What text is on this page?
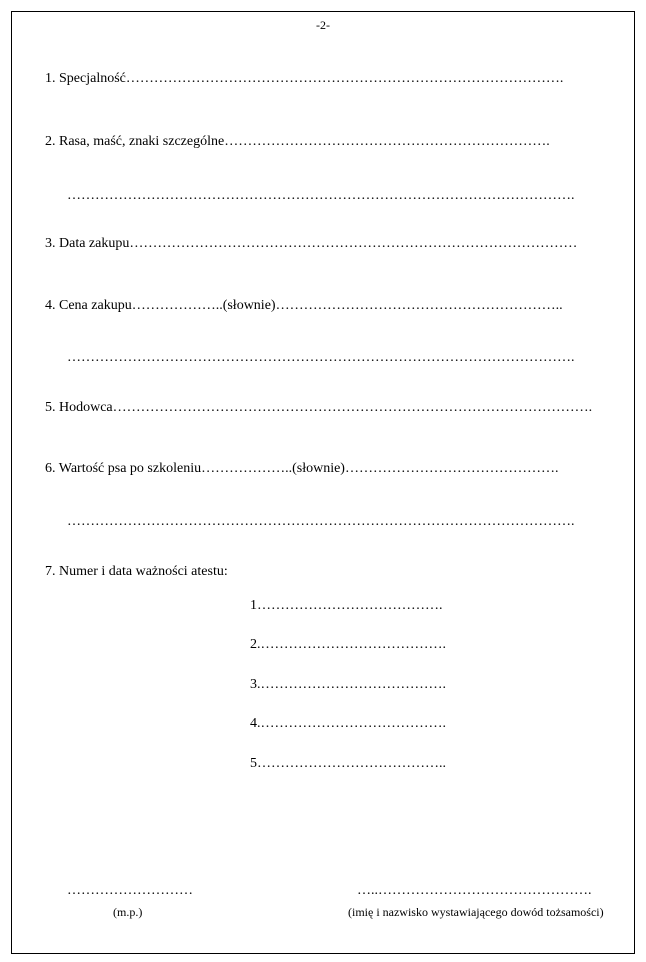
-2-
1. Specjalność………………………………………………………………………………….
2. Rasa, maść, znaki szczególne…………………………………………………………….
……………………………………………………………………………………………….
3. Data zakupu……………………………………………………………………………………
4. Cena zakupu………………..(słownie)……………………………………………………..
……………………………………………………………………………………………….
5. Hodowca………………………………………………………………………………………….
6. Wartość psa po szkoleniu………………..(słownie)……………………………………….
……………………………………………………………………………………………….
7. Numer i data ważności atestu:
1………………………………….
2.………………………………….
3.………………………………….
4.………………………………….
5…………………………………..
………………………
(m.p.)
…..……………………………………….
(imię i nazwisko wystawiającego dowód tożsamości)
